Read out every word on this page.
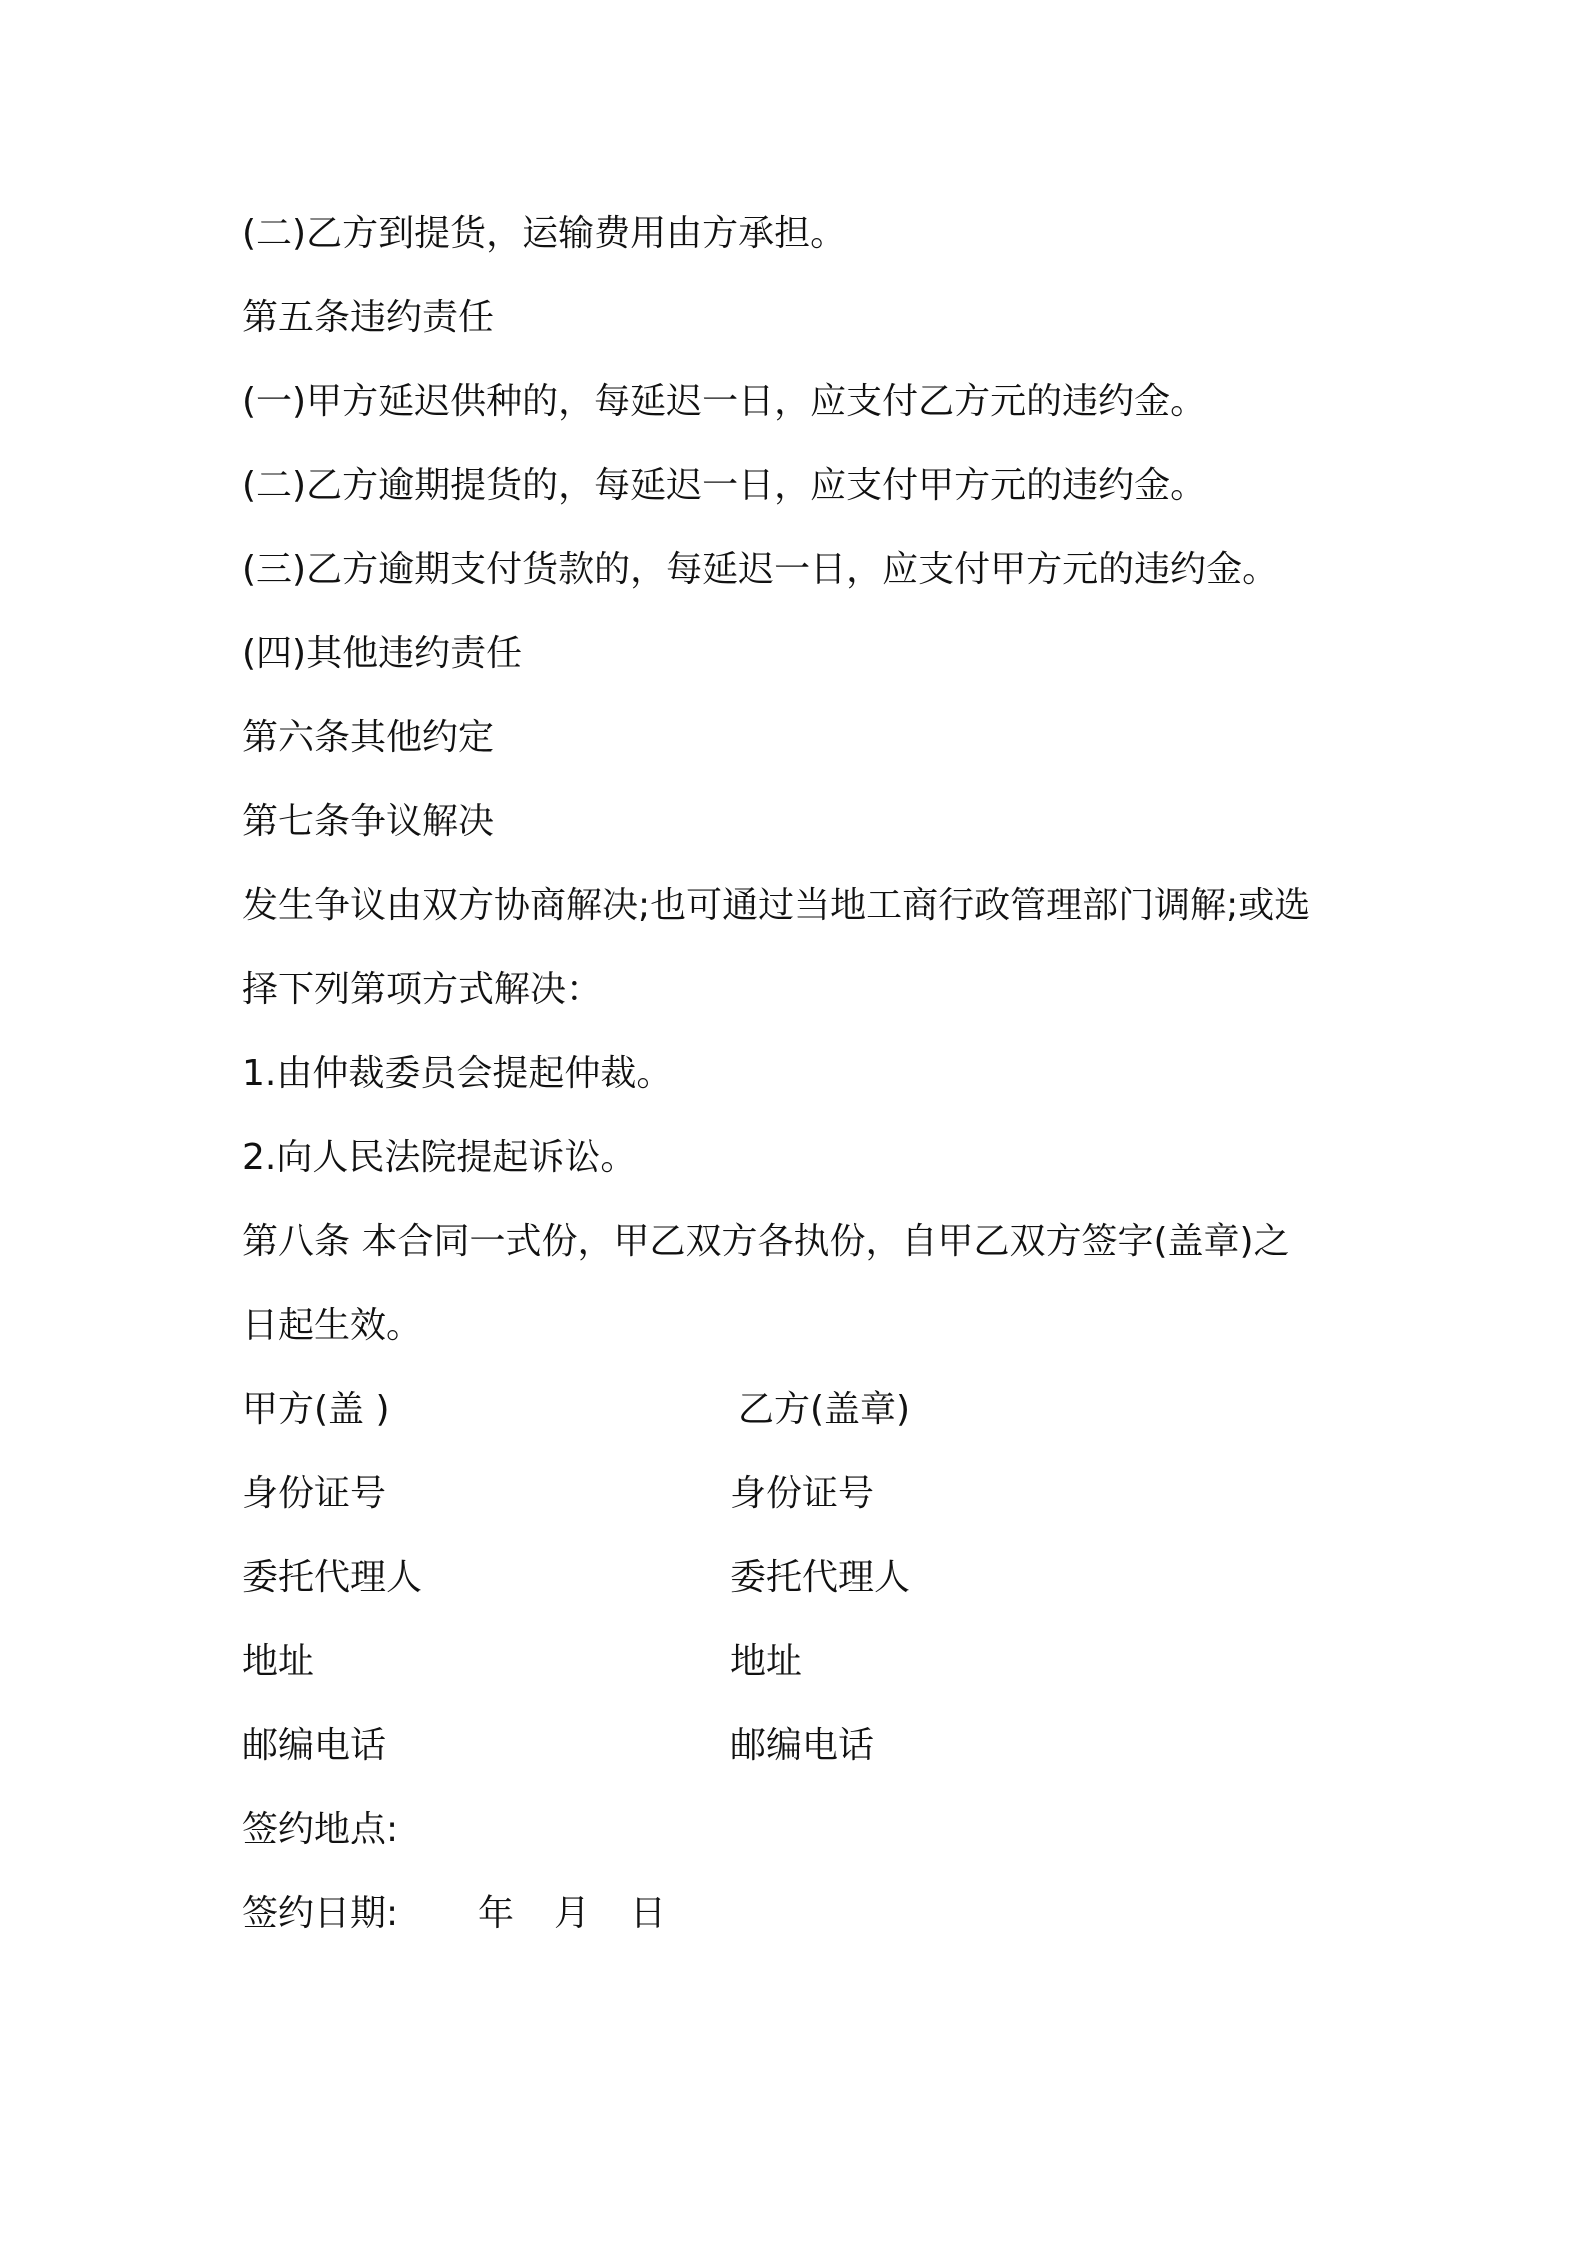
(二)乙方到提货，运输费用由方承担。
第五条违约责任
(一)甲方延迟供种的，每延迟一日，应支付乙方元的违约金。
(二)乙方逾期提货的，每延迟一日，应支付甲方元的违约金。
(三)乙方逾期支付货款的，每延迟一日，应支付甲方元的违约金。
(四)其他违约责任
第六条其他约定
第七条争议解决
发生争议由双方协商解决;也可通过当地工商行政管理部门调解;或选
择下列第项方式解决：
1.由仲裁委员会提起仲裁。
2.向人民法院提起诉讼。
第八条 本合同一式份，甲乙双方各执份，自甲乙双方签字(盖章)之
日起生效。
甲方(盖 )	乙方(盖章)
身份证号	身份证号
委托代理人	委托代理人
地址	地址
邮编电话	邮编电话
签约地点:
签约日期: 年 月 日
